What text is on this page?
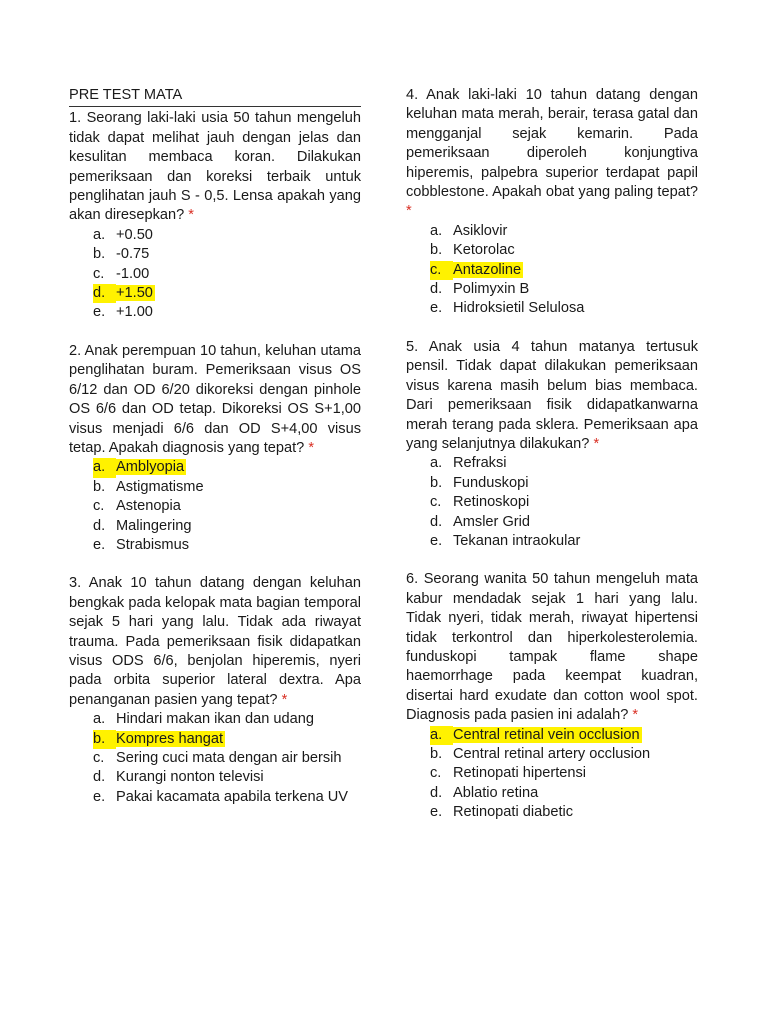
PRE TEST MATA

1. Seorang laki-laki usia 50 tahun mengeluh tidak dapat melihat jauh dengan jelas dan kesulitan membaca koran. Dilakukan pemeriksaan dan koreksi terbaik untuk penglihatan jauh S - 0,5. Lensa apakah yang akan diresepkan? *

a. +0.50
b. -0.75
c. -1.00
d. +1.50
e. +1.00

2. Anak perempuan 10 tahun, keluhan utama penglihatan buram. Pemeriksaan visus OS 6/12 dan OD 6/20 dikoreksi dengan pinhole OS 6/6 dan OD tetap. Dikoreksi OS S+1,00 visus menjadi 6/6 dan OD S+4,00 visus tetap. Apakah diagnosis yang tepat? *

a. Amblyopia
b. Astigmatisme
c. Astenopia
d. Malingering
e. Strabismus

3. Anak 10 tahun datang dengan keluhan bengkak pada kelopak mata bagian temporal sejak 5 hari yang lalu. Tidak ada riwayat trauma. Pada pemeriksaan fisik didapatkan visus ODS 6/6, benjolan hiperemis, nyeri pada orbita superior lateral dextra. Apa penanganan pasien yang tepat? *

a. Hindari makan ikan dan udang
b. Kompres hangat
c. Sering cuci mata dengan air bersih
d. Kurangi nonton televisi
e. Pakai kacamata apabila terkena UV

4. Anak laki-laki 10 tahun datang dengan keluhan mata merah, berair, terasa gatal dan mengganjal sejak kemarin. Pada pemeriksaan diperoleh konjungtiva hiperemis, palpebra superior terdapat papil cobblestone. Apakah obat yang paling tepat? *

a. Asiklovir
b. Ketorolac
c. Antazoline
d. Polimyxin B
e. Hidroksietil Selulosa

5. Anak usia 4 tahun matanya tertusuk pensil. Tidak dapat dilakukan pemeriksaan visus karena masih belum bias membaca. Dari pemeriksaan fisik didapatkanwarna merah terang pada sklera. Pemeriksaan apa yang selanjutnya dilakukan? *

a. Refraksi
b. Funduskopi
c. Retinoskopi
d. Amsler Grid
e. Tekanan intraokular

6. Seorang wanita 50 tahun mengeluh mata kabur mendadak sejak 1 hari yang lalu. Tidak nyeri, tidak merah, riwayat hipertensi tidak terkontrol dan hiperkolesterolemia. funduskopi tampak flame shape haemorrhage pada keempat kuadran, disertai hard exudate dan cotton wool spot. Diagnosis pada pasien ini adalah? *

a. Central retinal vein occlusion
b. Central retinal artery occlusion
c. Retinopati hipertensi
d. Ablatio retina
e. Retinopati diabetic
